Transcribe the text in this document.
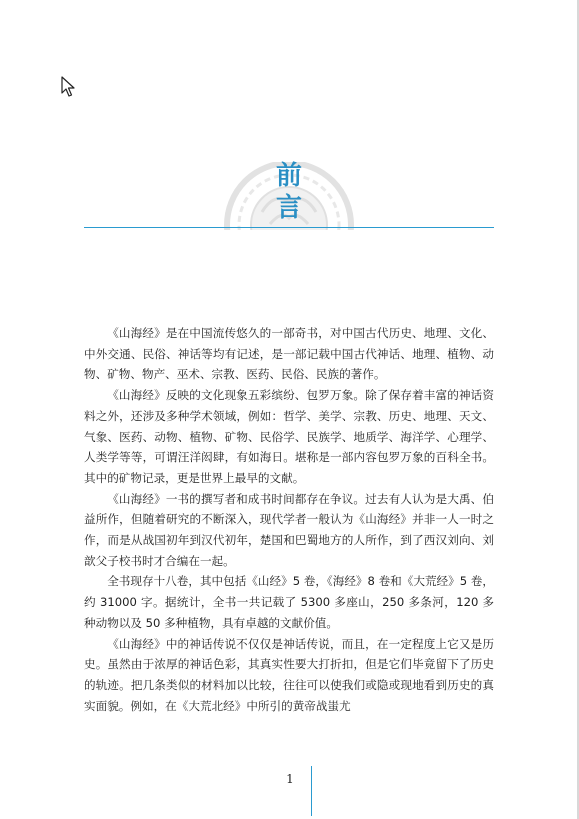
前
言

《山海经》是在中国流传悠久的一部奇书，对中国古代历史、地理、文化、中外交通、民俗、神话等均有记述，是一部记载中国古代神话、地理、植物、动物、矿物、物产、巫术、宗教、医药、民俗、民族的著作。

《山海经》反映的文化现象五彩缤纷、包罗万象。除了保存着丰富的神话资料之外，还涉及多种学术领域，例如：哲学、美学、宗教、历史、地理、天文、气象、医药、动物、植物、矿物、民俗学、民族学、地质学、海洋学、心理学、人类学等等，可谓汪洋闳肆，有如海日。堪称是一部内容包罗万象的百科全书。其中的矿物记录，更是世界上最早的文献。

《山海经》一书的撰写者和成书时间都存在争议。过去有人认为是大禹、伯益所作，但随着研究的不断深入，现代学者一般认为《山海经》并非一人一时之作，而是从战国初年到汉代初年，楚国和巴蜀地方的人所作，到了西汉刘向、刘歆父子校书时才合编在一起。

全书现存十八卷，其中包括《山经》5 卷，《海经》8 卷和《大荒经》5 卷，约 31000 字。据统计，全书一共记载了 5300 多座山，250 多条河，120 多种动物以及 50 多种植物，具有卓越的文献价值。

《山海经》中的神话传说不仅仅是神话传说，而且，在一定程度上它又是历史。虽然由于浓厚的神话色彩，其真实性要大打折扣，但是它们毕竟留下了历史的轨迹。把几条类似的材料加以比较，往往可以使我们或隐或现地看到历史的真实面貌。例如，在《大荒北经》中所引的黄帝战蚩尤

1
